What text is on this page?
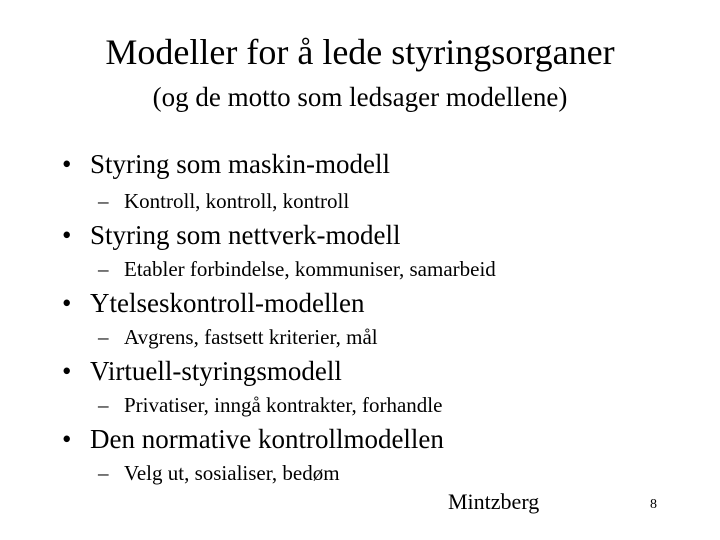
Modeller for å lede styringsorganer
(og de motto som ledsager modellene)
• Styring som maskin-modell
– Kontroll, kontroll, kontroll
• Styring som nettverk-modell
– Etabler forbindelse, kommuniser, samarbeid
• Ytelseskontroll-modellen
– Avgrens, fastsett kriterier, mål
• Virtuell-styringsmodell
– Privatiser, inngå kontrakter, forhandle
• Den normative kontrollmodellen
– Velg ut, sosialiser, bedøm
Mintzberg	8
